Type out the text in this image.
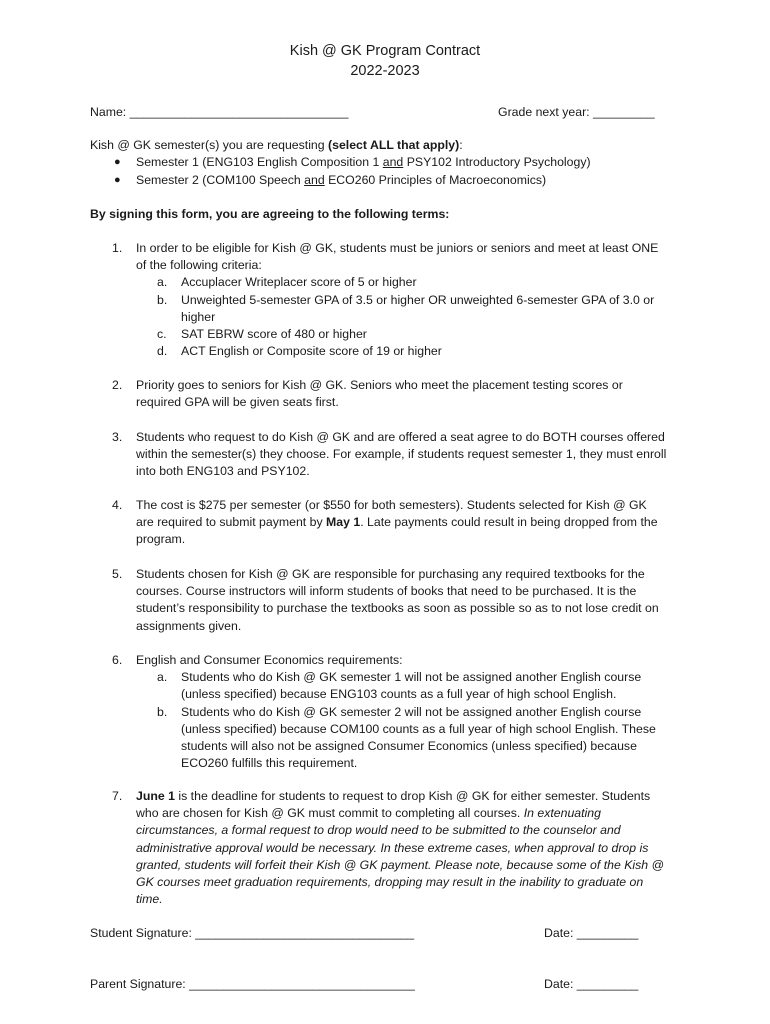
Kish @ GK Program Contract
2022-2023
Name: ________________________________	Grade next year: _________
Kish @ GK semester(s) you are requesting (select ALL that apply):
● Semester 1 (ENG103 English Composition 1 and PSY102 Introductory Psychology)
● Semester 2 (COM100 Speech and ECO260 Principles of Macroeconomics)
By signing this form, you are agreeing to the following terms:
1. In order to be eligible for Kish @ GK, students must be juniors or seniors and meet at least ONE
of the following criteria:
a. Accuplacer Writeplacer score of 5 or higher
b. Unweighted 5-semester GPA of 3.5 or higher OR unweighted 6-semester GPA of 3.0 or
higher
c. SAT EBRW score of 480 or higher
d. ACT English or Composite score of 19 or higher
2. Priority goes to seniors for Kish @ GK. Seniors who meet the placement testing scores or
required GPA will be given seats first.
3. Students who request to do Kish @ GK and are offered a seat agree to do BOTH courses offered
within the semester(s) they choose. For example, if students request semester 1, they must enroll
into both ENG103 and PSY102.
4. The cost is $275 per semester (or $550 for both semesters). Students selected for Kish @ GK
are required to submit payment by May 1. Late payments could result in being dropped from the
program.
5. Students chosen for Kish @ GK are responsible for purchasing any required textbooks for the
courses. Course instructors will inform students of books that need to be purchased. It is the
student’s responsibility to purchase the textbooks as soon as possible so as to not lose credit on
assignments given.
6. English and Consumer Economics requirements:
a. Students who do Kish @ GK semester 1 will not be assigned another English course
(unless specified) because ENG103 counts as a full year of high school English.
b. Students who do Kish @ GK semester 2 will not be assigned another English course
(unless specified) because COM100 counts as a full year of high school English. These
students will also not be assigned Consumer Economics (unless specified) because
ECO260 fulfills this requirement.
7. June 1 is the deadline for students to request to drop Kish @ GK for either semester. Students
who are chosen for Kish @ GK must commit to completing all courses. In extenuating
circumstances, a formal request to drop would need to be submitted to the counselor and
administrative approval would be necessary. In these extreme cases, when approval to drop is
granted, students will forfeit their Kish @ GK payment. Please note, because some of the Kish @
GK courses meet graduation requirements, dropping may result in the inability to graduate on
time.
Student Signature: ________________________________	Date: _________
Parent Signature: _________________________________	Date: _________
